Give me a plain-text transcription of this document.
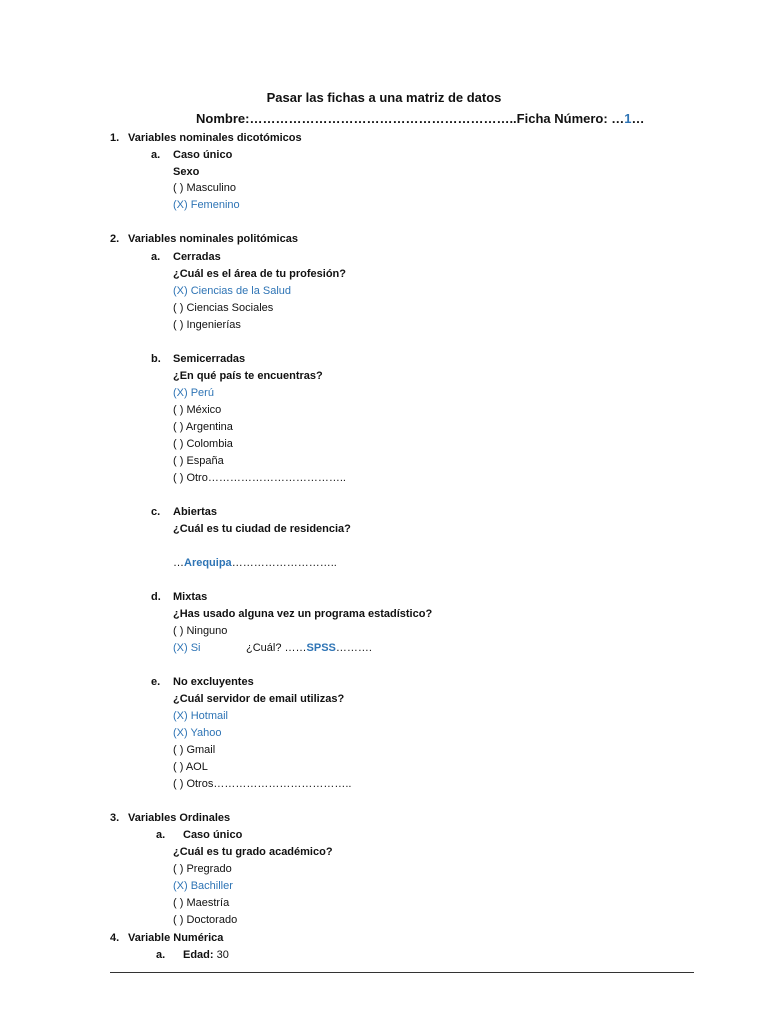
Pasar las fichas a una matriz de datos
Nombre:……………………………………………………..Ficha Número: …1…
1. Variables nominales dicotómicos
a. Caso único
Sexo
( ) Masculino
(X) Femenino
2. Variables nominales politómicas
a. Cerradas
¿Cuál es el área de tu profesión?
(X) Ciencias de la Salud
( ) Ciencias Sociales
( ) Ingenierías
b. Semicerradas
¿En qué país te encuentras?
(X) Perú
( ) México
( ) Argentina
( ) Colombia
( ) España
( ) Otro………………………………..
c. Abiertas
¿Cuál es tu ciudad de residencia?
…Arequipa………………………..
d. Mixtas
¿Has usado alguna vez un programa estadístico?
( ) Ninguno
(X) Si	¿Cuál? ……SPSS……….
e. No excluyentes
¿Cuál servidor de email utilizas?
(X) Hotmail
(X) Yahoo
( ) Gmail
( ) AOL
( ) Otros………………………………..
3. Variables Ordinales
a. Caso único
¿Cuál es tu grado académico?
( ) Pregrado
(X) Bachiller
( ) Maestría
( ) Doctorado
4. Variable Numérica
a. Edad: 30
